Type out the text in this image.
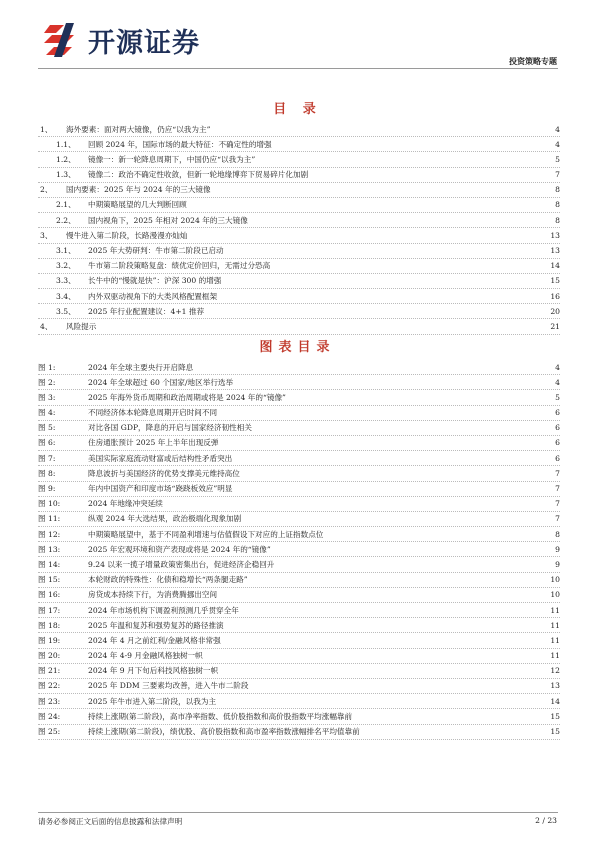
开源证券
投资策略专题
目 录
1、	海外要素：面对两大镜像，仍应“以我为主”	4
1.1、	回顾 2024 年，国际市场的最大特征：不确定性的增强	4
1.2、	镜像一：新一轮降息周期下，中国仍应“以我为主”	5
1.3、	镜像二：政治不确定性收敛，但新一轮地缘博弈下贸易碎片化加剧	7
2、	国内要素：2025 年与 2024 年的三大镜像	8
2.1、	中期策略展望的几大判断回顾	8
2.2、	国内视角下，2025 年相对 2024 年的三大镜像	8
3、	慢牛进入第二阶段，长路漫漫亦灿灿	13
3.1、	2025 年大势研判：牛市第二阶段已启动	13
3.2、	牛市第二阶段策略复盘：绩优定价回归，无需过分恐高	14
3.3、	长牛中的“慢就是快”：沪深 300 的增强	15
3.4、	内外双驱动视角下的大类风格配置框架	16
3.5、	2025 年行业配置建议：4+1 推荐	20
4、	风险提示	21
图表目录
图 1:	2024 年全球主要央行开启降息	4
图 2:	2024 年全球超过 60 个国家/地区举行选举	4
图 3:	2025 年海外货币周期和政治周期或将是 2024 年的“镜像”	5
图 4:	不同经济体本轮降息周期开启时间不同	6
图 5:	对比各国 GDP，降息的开启与国家经济韧性相关	6
图 6:	住房通胀预计 2025 年上半年出现反弹	6
图 7:	美国实际家庭流动财富或后结构性矛盾突出	6
图 8:	降息波折与美国经济的优势支撑美元维持高位	7
图 9:	年内中国资产和印度市场“跷跷板效应”明显	7
图 10:	2024 年地缘冲突延续	7
图 11:	纵观 2024 年大选结果，政治极端化现象加剧	7
图 12:	中期策略展望中，基于不同盈利增速与估值假设下对应的上证指数点位	8
图 13:	2025 年宏观环境和资产表现或将是 2024 年的“镜像”	9
图 14:	9.24 以来一揽子增量政策密集出台，促进经济企稳回升	9
图 15:	本轮财政的特殊性：化债和稳增长“两条腿走路”	10
图 16:	房贷成本持续下行，为消费腾挪出空间	10
图 17:	2024 年市场机构下调盈利预测几乎贯穿全年	11
图 18:	2025 年温和复苏和强势复苏的路径推演	11
图 19:	2024 年 4 月之前红利/金融风格非常强	11
图 20:	2024 年 4-9 月金融风格独树一帜	11
图 21:	2024 年 9 月下旬后科技风格独树一帜	12
图 22:	2025 年 DDM 三要素均改善，进入牛市二阶段	13
图 23:	2025 年牛市进入第二阶段，以我为主	14
图 24:	持续上涨期(第二阶段)，高市净率指数、低价股指数和高价股指数平均涨幅靠前	15
图 25:	持续上涨期(第二阶段)，绩优股、高价股指数和高市盈率指数涨幅排名平均值靠前	15
请务必参阅正文后面的信息披露和法律声明	2 / 23
